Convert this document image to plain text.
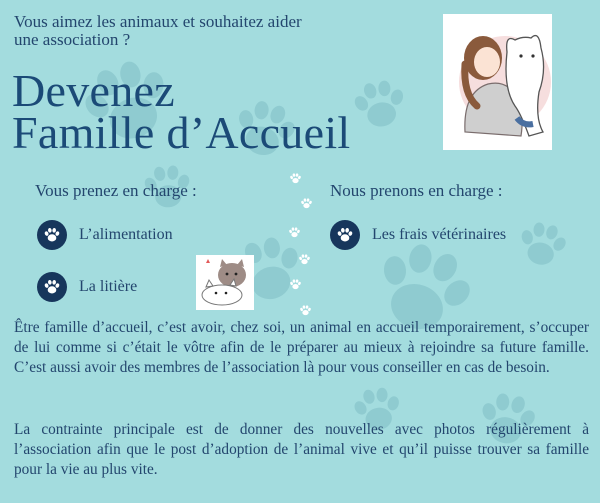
Vous aimez les animaux et souhaitez aider une association ?
Devenez
Famille d’Accueil
Vous prenez en charge :	Nous prenons en charge :
L’alimentation
La litière
Les frais vétérinaires

Être famille d’accueil, c’est avoir, chez soi, un animal en accueil temporairement, s’occuper de lui comme si c’était le vôtre afin de le préparer au mieux à rejoindre sa future famille. C’est aussi avoir des membres de l’association là pour vous conseiller en cas de besoin.

La contrainte principale est de donner des nouvelles avec photos régulièrement à l’association afin que le post d’adoption de l’animal vive et qu’il puisse trouver sa famille pour la vie au plus vite.
